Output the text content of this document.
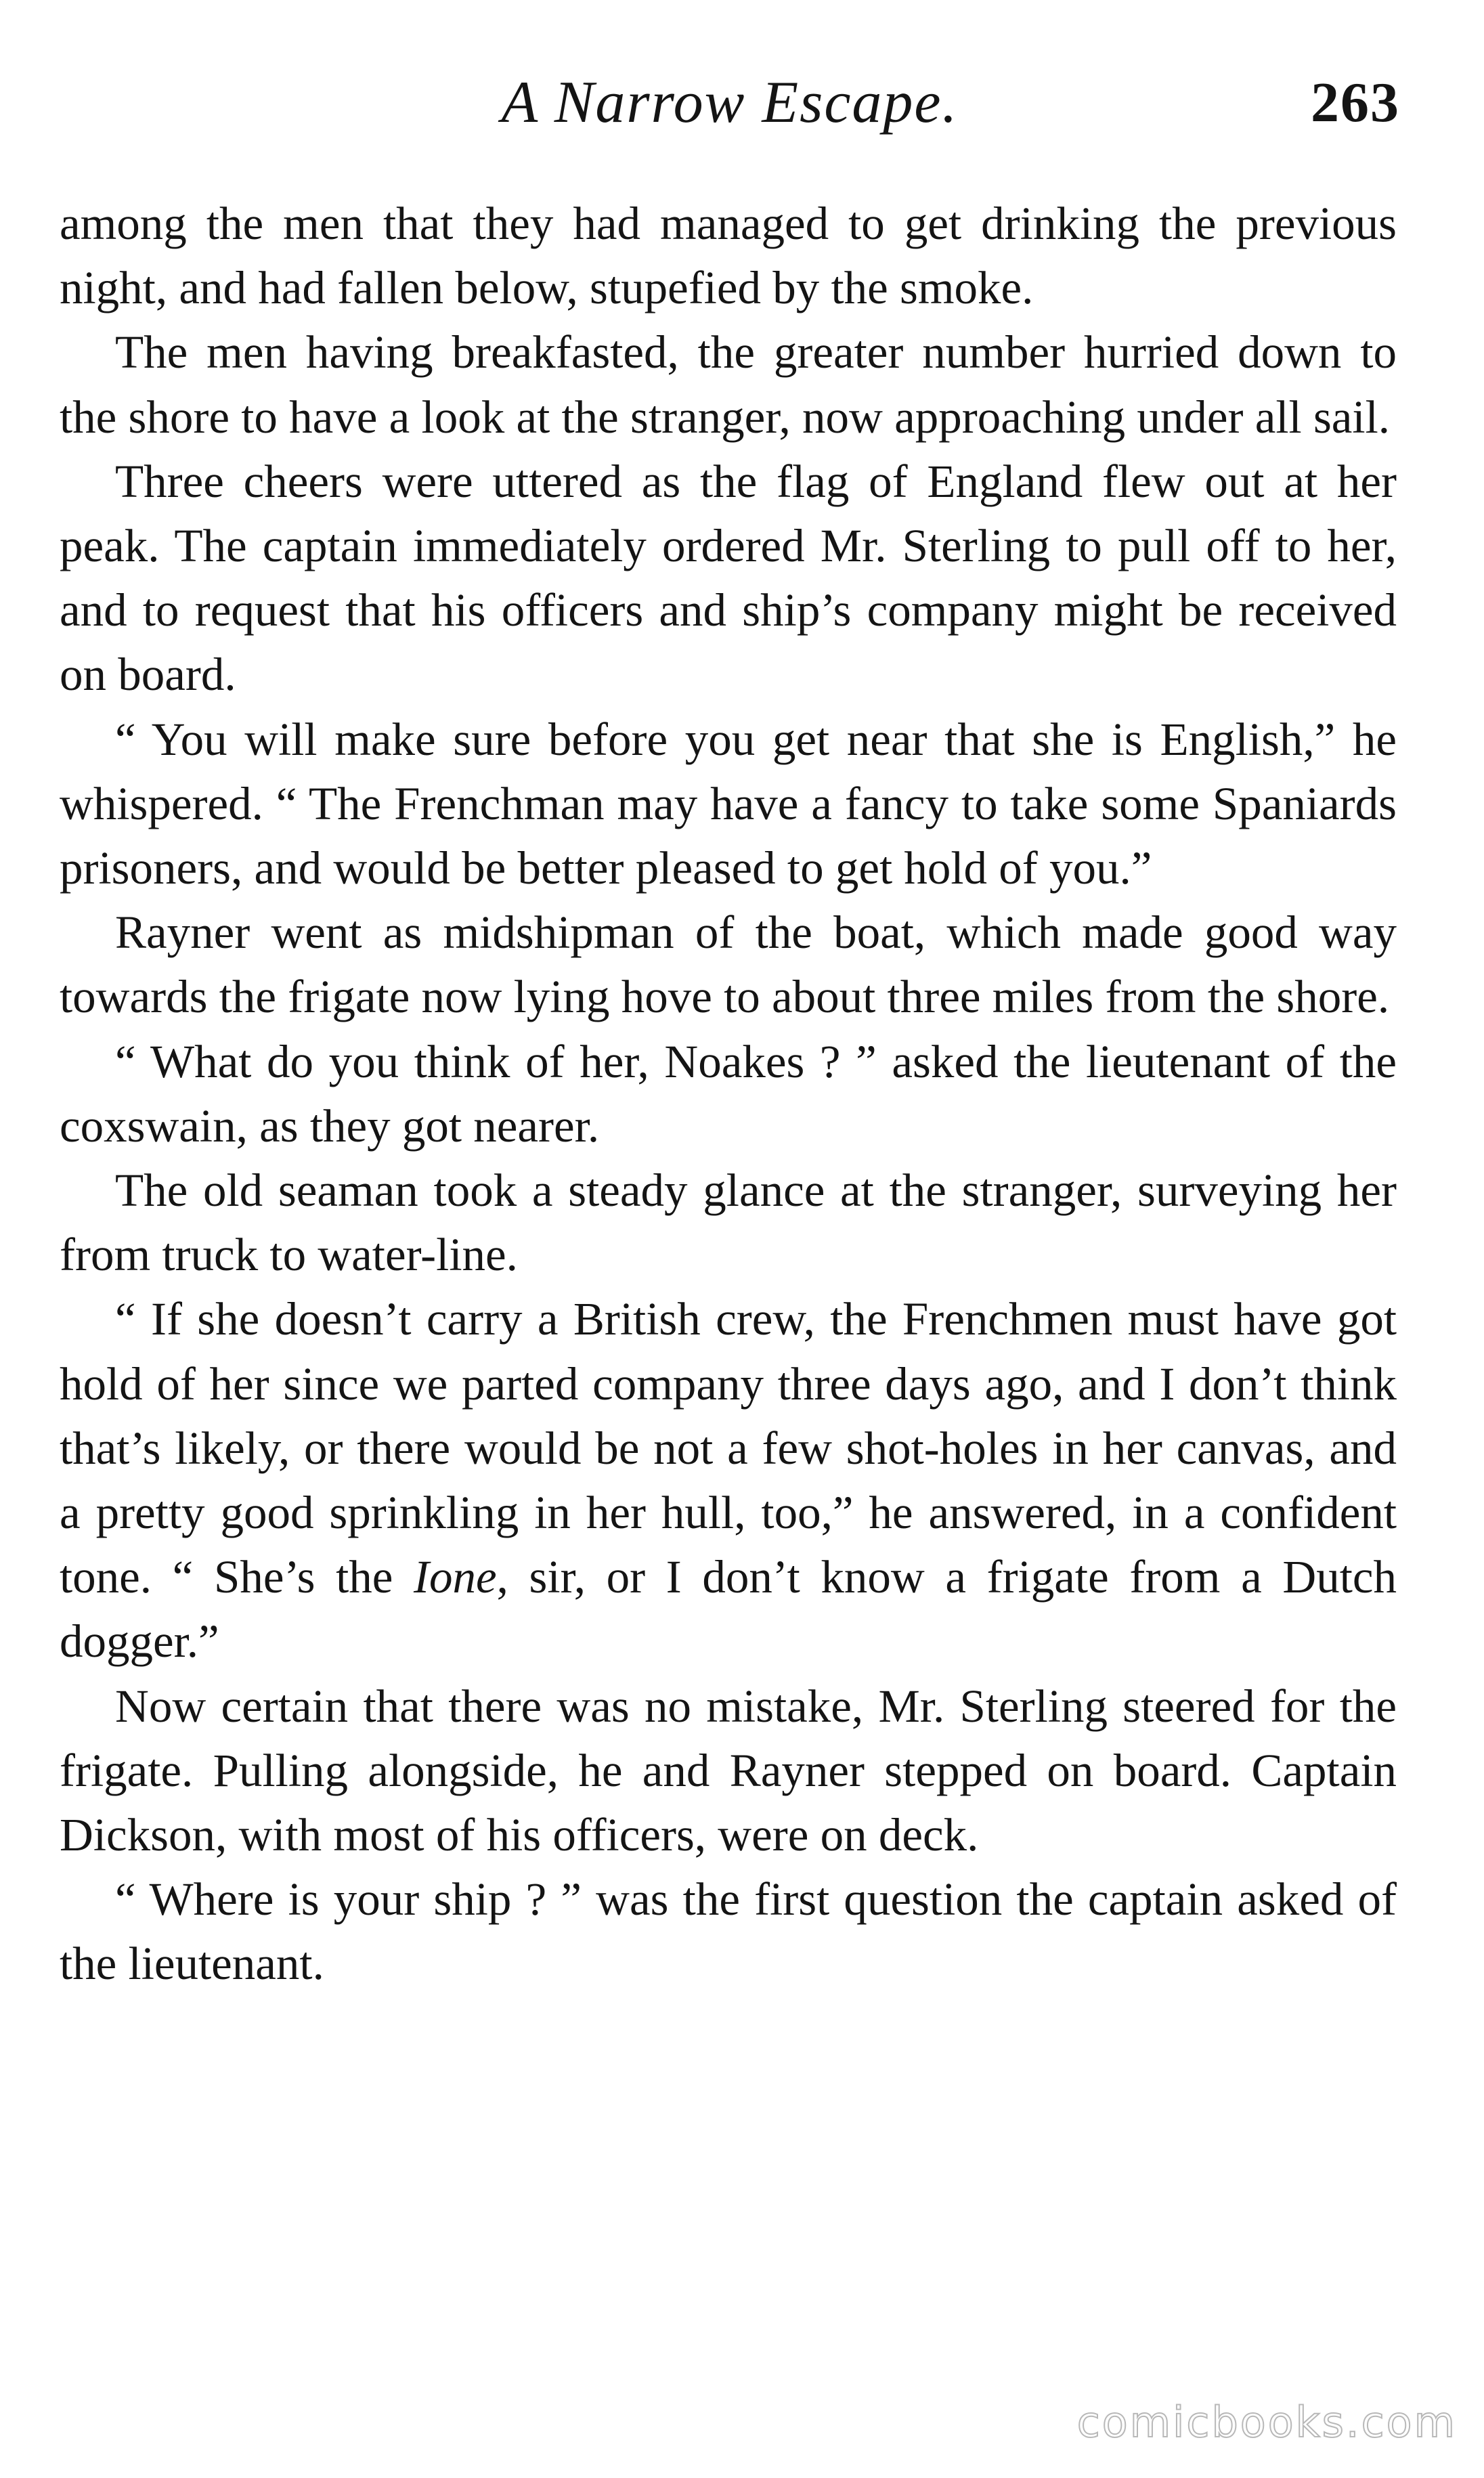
A Narrow Escape.	263

among the men that they had managed to get drinking the previous night, and had fallen below, stupefied by the smoke.

The men having breakfasted, the greater number hurried down to the shore to have a look at the stranger, now approaching under all sail.

Three cheers were uttered as the flag of England flew out at her peak. The captain immediately ordered Mr. Sterling to pull off to her, and to request that his officers and ship’s company might be received on board.

“ You will make sure before you get near that she is English,” he whispered. “ The Frenchman may have a fancy to take some Spaniards prisoners, and would be better pleased to get hold of you.”

Rayner went as midshipman of the boat, which made good way towards the frigate now lying hove to about three miles from the shore.

“ What do you think of her, Noakes ? ” asked the lieutenant of the coxswain, as they got nearer.

The old seaman took a steady glance at the stranger, surveying her from truck to water-line.

“ If she doesn’t carry a British crew, the Frenchmen must have got hold of her since we parted company three days ago, and I don’t think that’s likely, or there would be not a few shot-holes in her canvas, and a pretty good sprinkling in her hull, too,” he answered, in a confident tone. “ She’s the Ione, sir, or I don’t know a frigate from a Dutch dogger.”

Now certain that there was no mistake, Mr. Sterling steered for the frigate. Pulling alongside, he and Rayner stepped on board. Captain Dickson, with most of his officers, were on deck.

“ Where is your ship ? ” was the first question the captain asked of the lieutenant.

comicbooks.com
